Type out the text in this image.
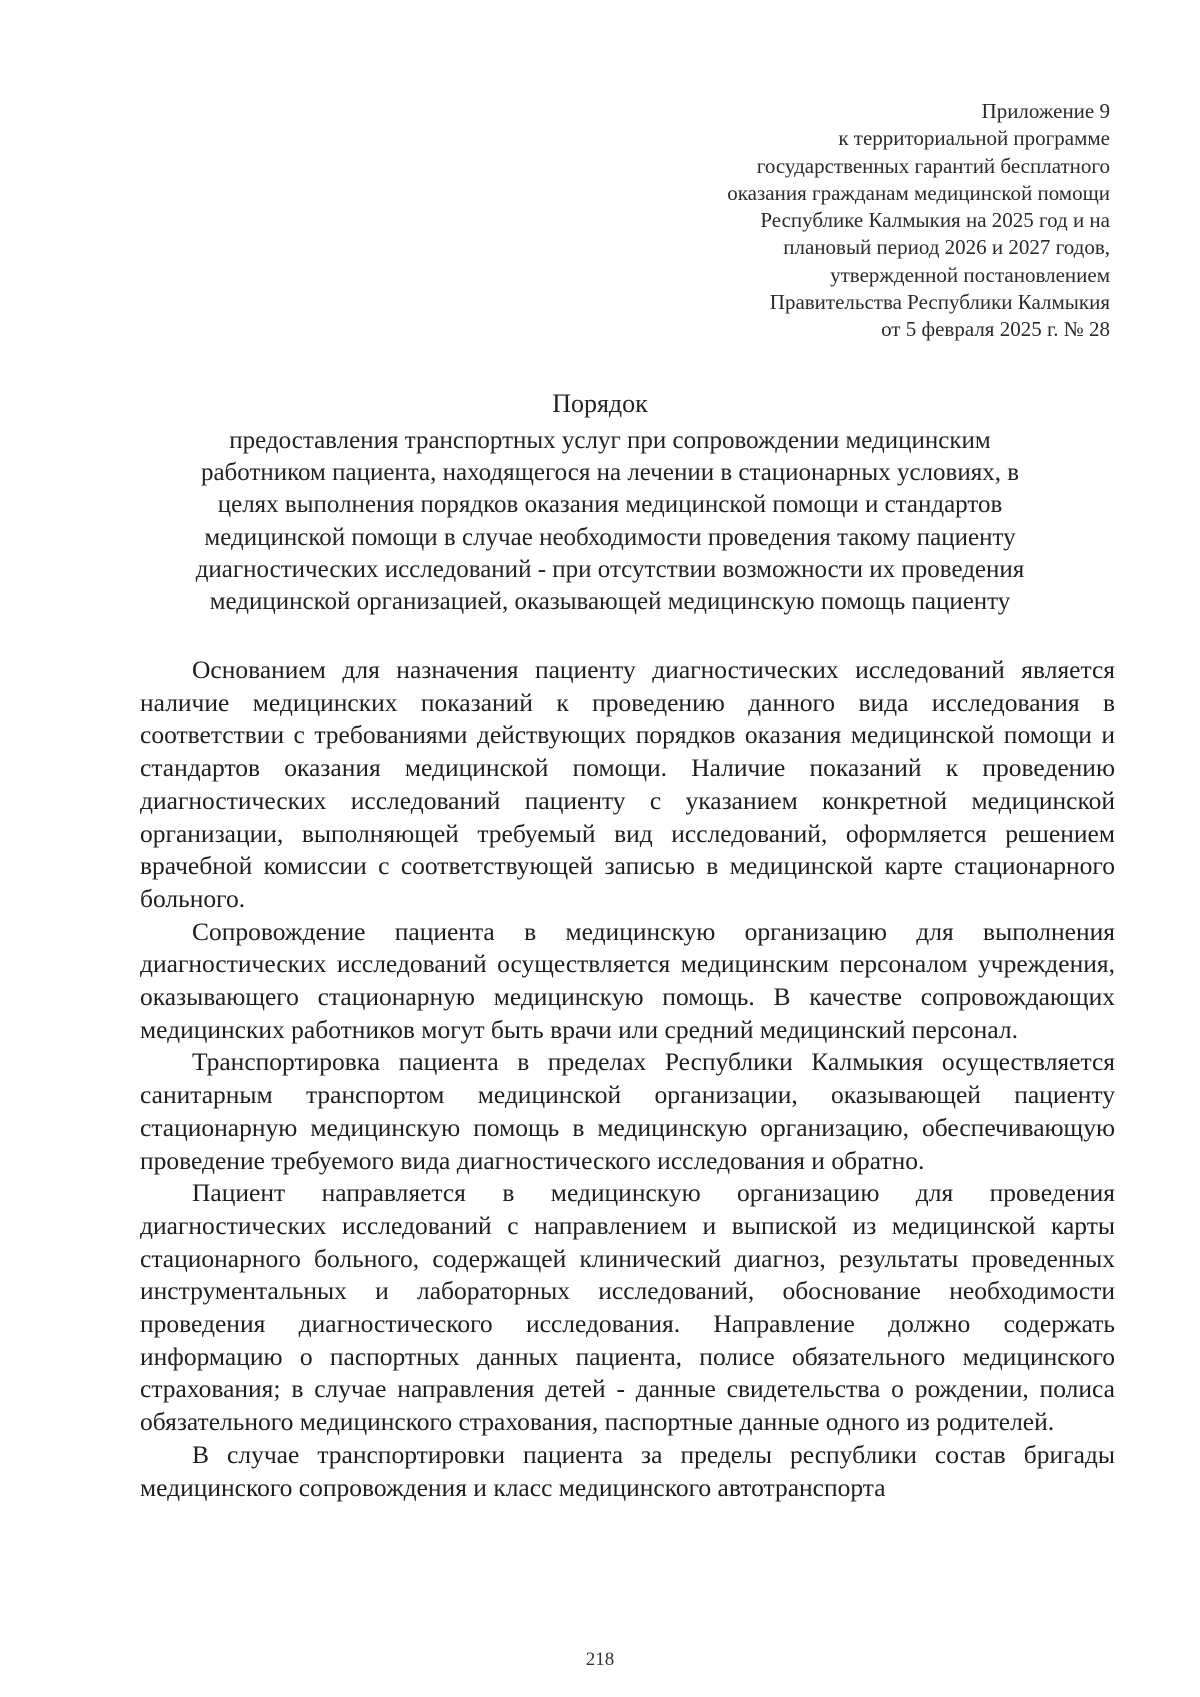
Приложение 9
к территориальной программе
государственных гарантий бесплатного
оказания гражданам медицинской помощи
Республике Калмыкия на 2025 год и на
плановый период 2026 и 2027 годов,
утвержденной постановлением
Правительства Республики Калмыкия
от 5 февраля 2025 г. № 28
Порядок
предоставления транспортных услуг при сопровождении медицинским
работником пациента, находящегося на лечении в стационарных условиях, в
целях выполнения порядков оказания медицинской помощи и стандартов
медицинской помощи в случае необходимости проведения такому пациенту
диагностических исследований - при отсутствии возможности их проведения
медицинской организацией, оказывающей медицинскую помощь пациенту

Основанием для назначения пациенту диагностических исследований является наличие медицинских показаний к проведению данного вида исследования в соответствии с требованиями действующих порядков оказания медицинской помощи и стандартов оказания медицинской помощи. Наличие показаний к проведению диагностических исследований пациенту с указанием конкретной медицинской организации, выполняющей требуемый вид исследований, оформляется решением врачебной комиссии с соответствующей записью в медицинской карте стационарного больного.

Сопровождение пациента в медицинскую организацию для выполнения диагностических исследований осуществляется медицинским персоналом учреждения, оказывающего стационарную медицинскую помощь. В качестве сопровождающих медицинских работников могут быть врачи или средний медицинский персонал.

Транспортировка пациента в пределах Республики Калмыкия осуществляется санитарным транспортом медицинской организации, оказывающей пациенту стационарную медицинскую помощь в медицинскую организацию, обеспечивающую проведение требуемого вида диагностического исследования и обратно.

Пациент направляется в медицинскую организацию для проведения диагностических исследований с направлением и выпиской из медицинской карты стационарного больного, содержащей клинический диагноз, результаты проведенных инструментальных и лабораторных исследований, обоснование необходимости проведения диагностического исследования. Направление должно содержать информацию о паспортных данных пациента, полисе обязательного медицинского страхования; в случае направления детей - данные свидетельства о рождении, полиса обязательного медицинского страхования, паспортные данные одного из родителей.

В случае транспортировки пациента за пределы республики состав бригады медицинского сопровождения и класс медицинского автотранспорта

218
